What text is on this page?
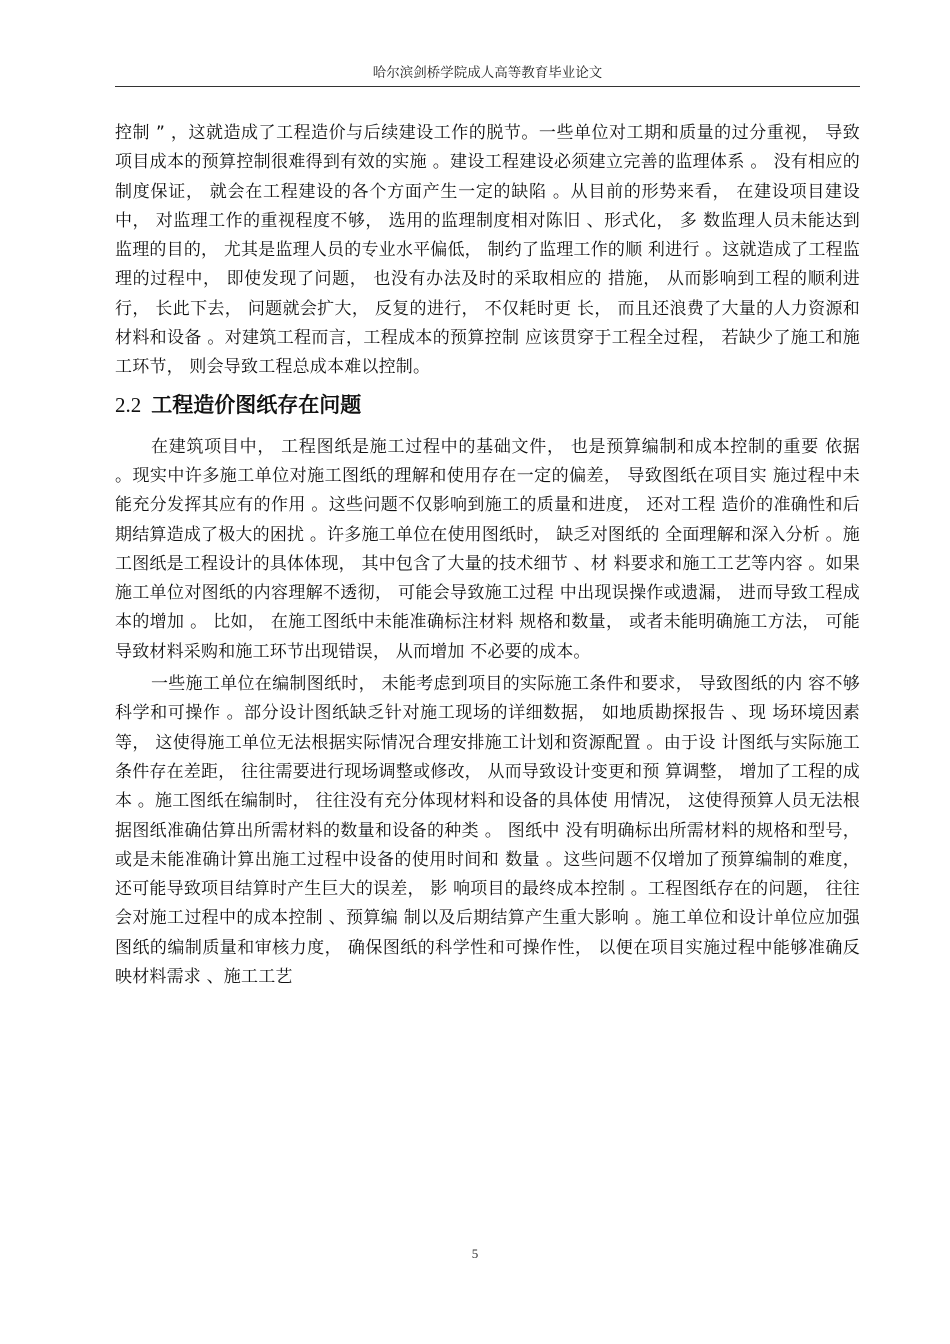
哈尔滨剑桥学院成人高等教育毕业论文

控制 ” ，这就造成了工程造价与后续建设工作的脱节。一些单位对工期和质量的过分重视， 导致项目成本的预算控制很难得到有效的实施 。建设工程建设必须建立完善的监理体系 。 没有相应的制度保证， 就会在工程建设的各个方面产生一定的缺陷 。从目前的形势来看， 在建设项目建设中， 对监理工作的重视程度不够， 选用的监理制度相对陈旧 、形式化， 多 数监理人员未能达到监理的目的， 尤其是监理人员的专业水平偏低， 制约了监理工作的顺 利进行 。这就造成了工程监理的过程中， 即使发现了问题， 也没有办法及时的采取相应的 措施， 从而影响到工程的顺利进行， 长此下去， 问题就会扩大， 反复的进行， 不仅耗时更 长， 而且还浪费了大量的人力资源和材料和设备 。对建筑工程而言，工程成本的预算控制 应该贯穿于工程全过程， 若缺少了施工和施工环节， 则会导致工程总成本难以控制。

2.2 工程造价图纸存在问题

在建筑项目中， 工程图纸是施工过程中的基础文件， 也是预算编制和成本控制的重要 依据 。现实中许多施工单位对施工图纸的理解和使用存在一定的偏差， 导致图纸在项目实 施过程中未能充分发挥其应有的作用 。这些问题不仅影响到施工的质量和进度， 还对工程 造价的准确性和后期结算造成了极大的困扰 。许多施工单位在使用图纸时， 缺乏对图纸的 全面理解和深入分析 。施工图纸是工程设计的具体体现， 其中包含了大量的技术细节 、材 料要求和施工工艺等内容 。如果施工单位对图纸的内容理解不透彻， 可能会导致施工过程 中出现误操作或遗漏， 进而导致工程成本的增加 。 比如， 在施工图纸中未能准确标注材料 规格和数量， 或者未能明确施工方法， 可能导致材料采购和施工环节出现错误， 从而增加 不必要的成本。

一些施工单位在编制图纸时， 未能考虑到项目的实际施工条件和要求， 导致图纸的内 容不够科学和可操作 。部分设计图纸缺乏针对施工现场的详细数据， 如地质勘探报告 、现 场环境因素等， 这使得施工单位无法根据实际情况合理安排施工计划和资源配置 。由于设 计图纸与实际施工条件存在差距， 往往需要进行现场调整或修改， 从而导致设计变更和预 算调整， 增加了工程的成本 。施工图纸在编制时， 往往没有充分体现材料和设备的具体使 用情况， 这使得预算人员无法根据图纸准确估算出所需材料的数量和设备的种类 。 图纸中 没有明确标出所需材料的规格和型号， 或是未能准确计算出施工过程中设备的使用时间和 数量 。这些问题不仅增加了预算编制的难度， 还可能导致项目结算时产生巨大的误差， 影 响项目的最终成本控制 。工程图纸存在的问题， 往往会对施工过程中的成本控制 、预算编 制以及后期结算产生重大影响 。施工单位和设计单位应加强图纸的编制质量和审核力度， 确保图纸的科学性和可操作性， 以便在项目实施过程中能够准确反映材料需求 、施工工艺

5
